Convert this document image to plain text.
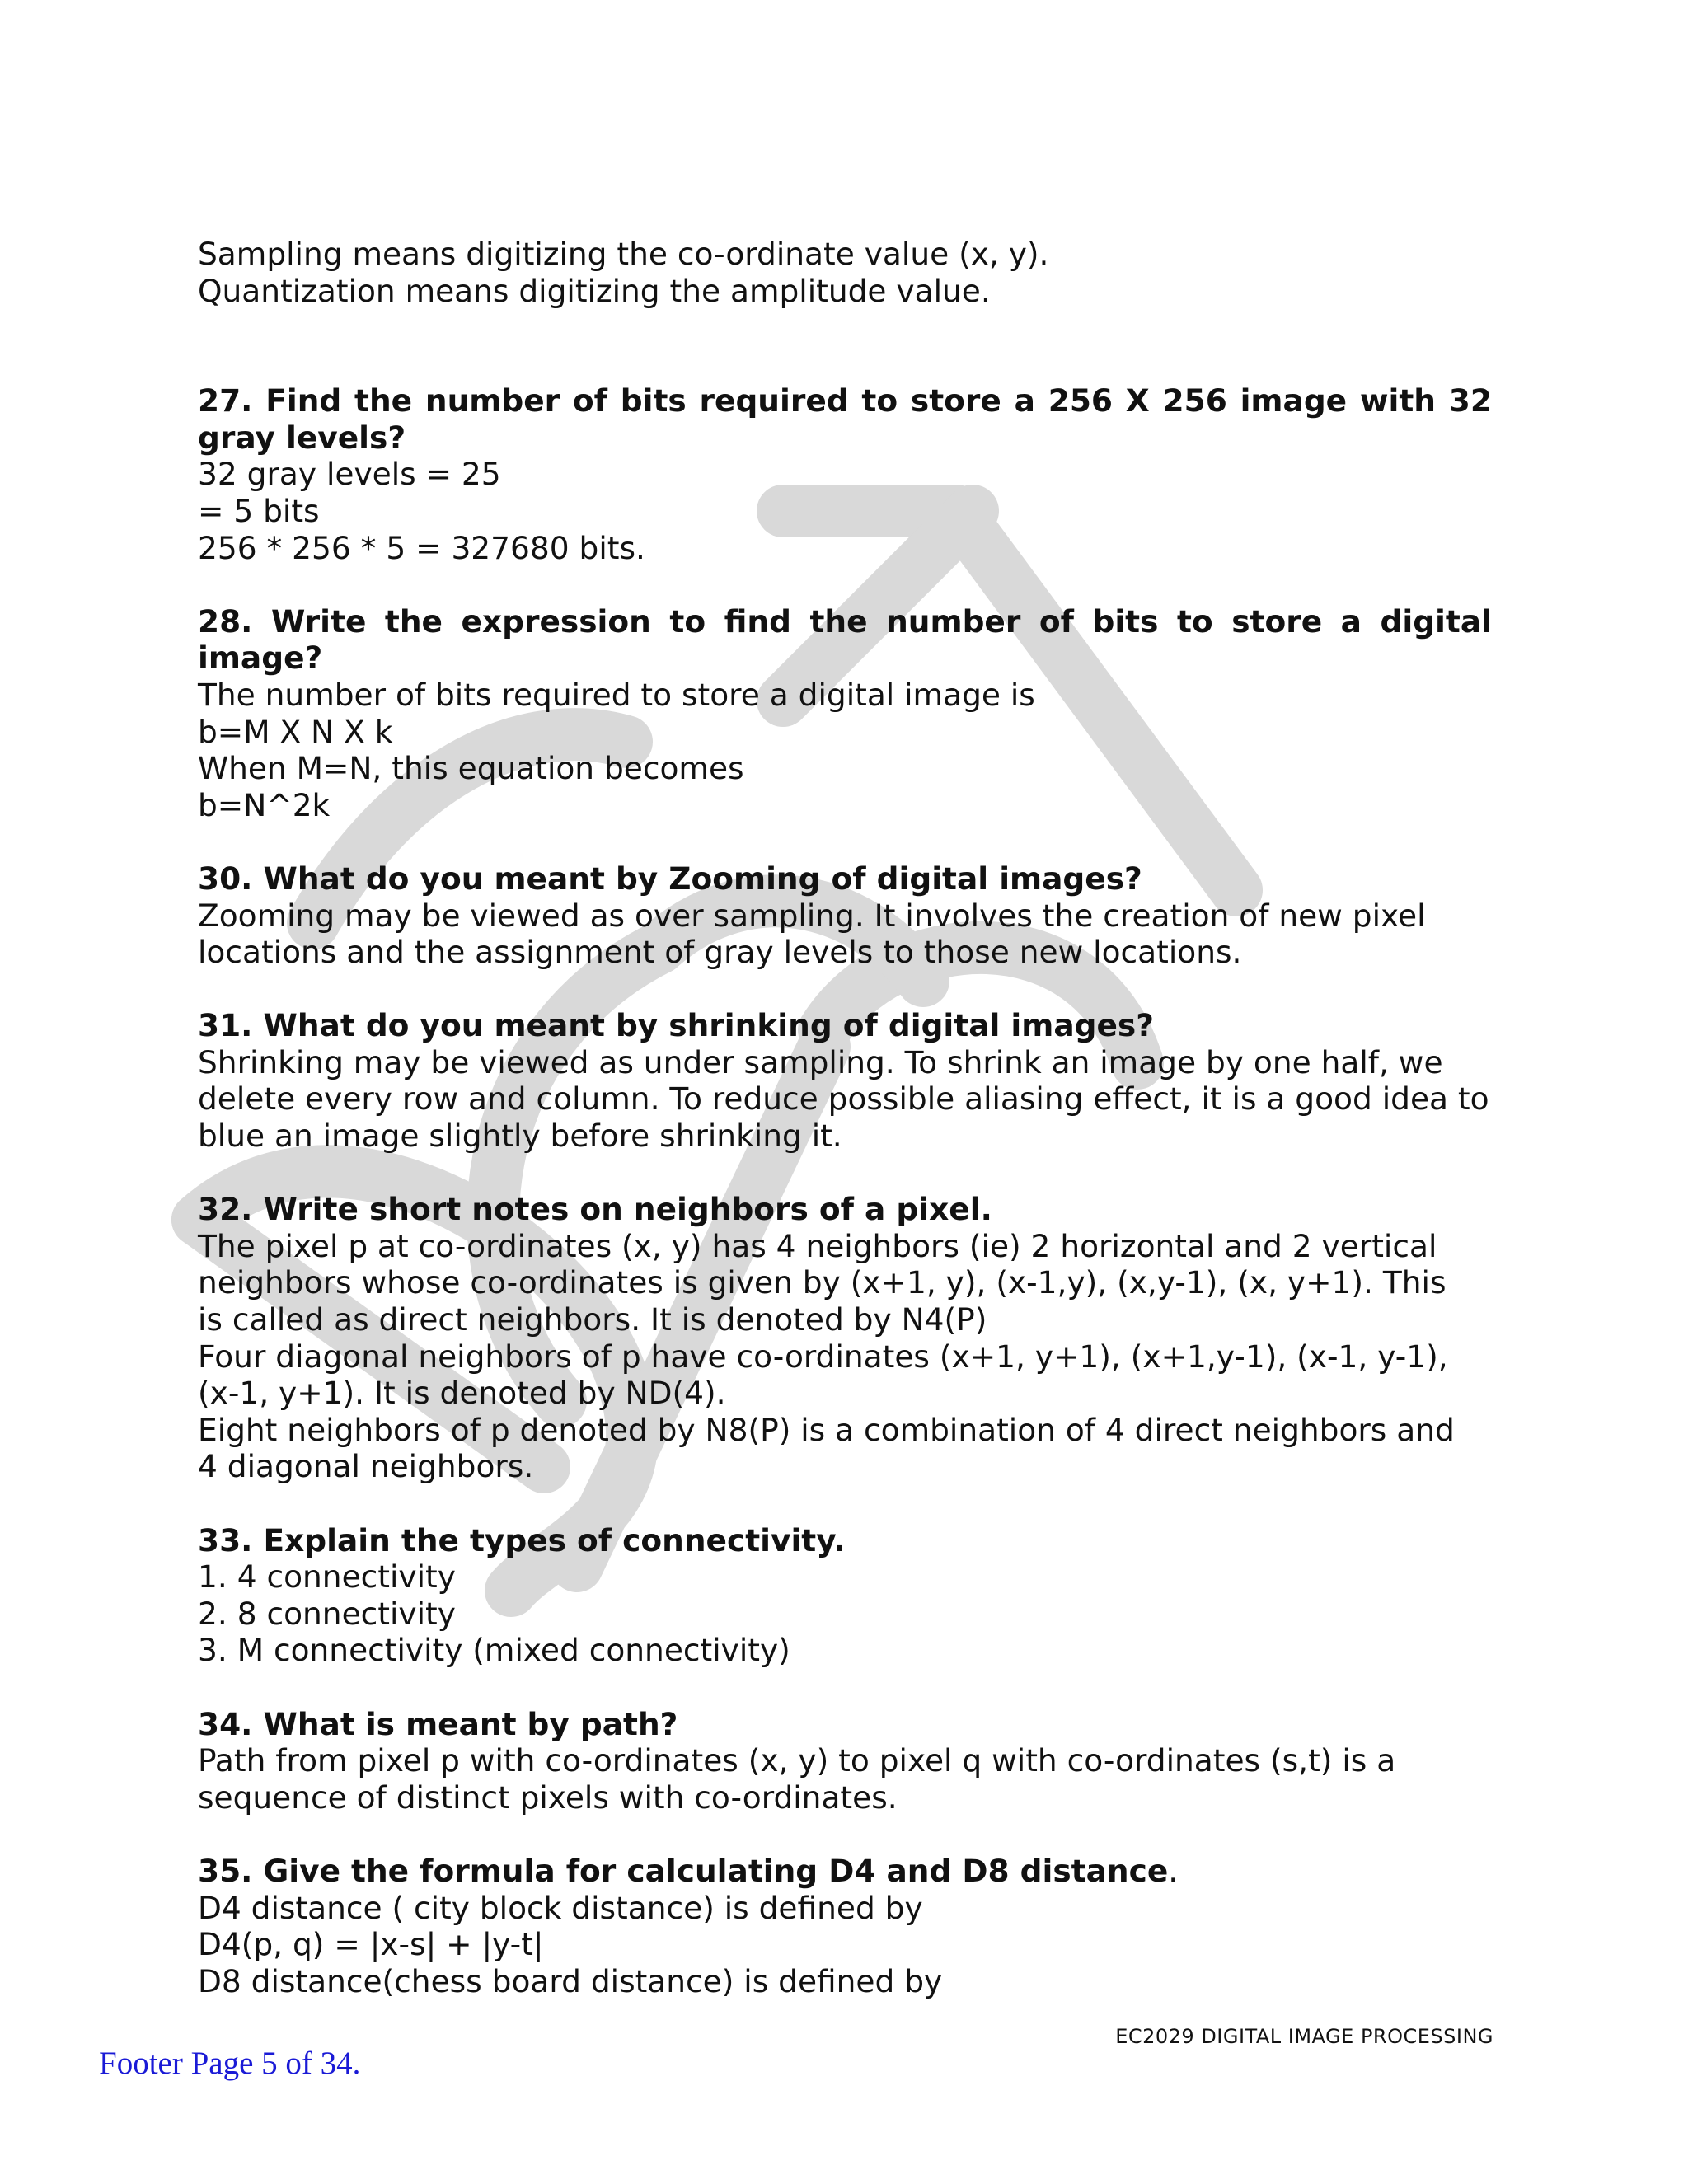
Sampling means digitizing the co-ordinate value (x, y).
Quantization means digitizing the amplitude value.
27. Find the number of bits required to store a 256 X 256 image with 32 gray levels?
32 gray levels = 25
= 5 bits
256 * 256 * 5 = 327680 bits.
28. Write the expression to find the number of bits to store a digital image?
The number of bits required to store a digital image is
b=M X N X k
When M=N, this equation becomes
b=N^2k
30. What do you meant by Zooming of digital images?
Zooming may be viewed as over sampling. It involves the creation of new pixel
locations and the assignment of gray levels to those new locations.
31. What do you meant by shrinking of digital images?
Shrinking may be viewed as under sampling. To shrink an image by one half, we
delete every row and column. To reduce possible aliasing effect, it is a good idea to
blue an image slightly before shrinking it.
32. Write short notes on neighbors of a pixel.
The pixel p at co-ordinates (x, y) has 4 neighbors (ie) 2 horizontal and 2 vertical
neighbors whose co-ordinates is given by (x+1, y), (x-1,y), (x,y-1), (x, y+1). This
is called as direct neighbors. It is denoted by N4(P)
Four diagonal neighbors of p have co-ordinates (x+1, y+1), (x+1,y-1), (x-1, y-1),
(x-1, y+1). It is denoted by ND(4).
Eight neighbors of p denoted by N8(P) is a combination of 4 direct neighbors and
4 diagonal neighbors.
33. Explain the types of connectivity.
1. 4 connectivity
2. 8 connectivity
3. M connectivity (mixed connectivity)
34. What is meant by path?
Path from pixel p with co-ordinates (x, y) to pixel q with co-ordinates (s,t) is a
sequence of distinct pixels with co-ordinates.
35. Give the formula for calculating D4 and D8 distance.
D4 distance ( city block distance) is defined by
D4(p, q) = |x-s| + |y-t|
D8 distance(chess board distance) is defined by
EC2029 DIGITAL IMAGE PROCESSING
Footer Page 5 of 34.
